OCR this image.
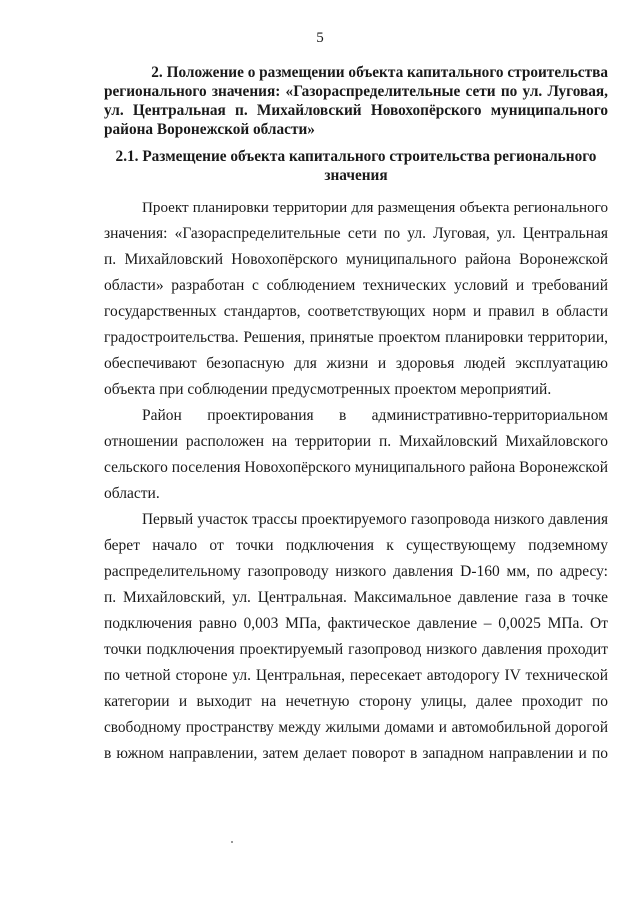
5
2. Положение о размещении объекта капитального строительства
регионального значения: «Газораспределительные сети по ул. Луговая,
ул. Центральная п. Михайловский Новохопёрского муниципального
района Воронежской области»
2.1. Размещение объекта капитального строительства регионального
значения
Проект планировки территории для размещения объекта регионального
значения: «Газораспределительные сети по ул. Луговая, ул. Центральная
п. Михайловский Новохопёрского муниципального района Воронежской
области» разработан с соблюдением технических условий и требований
государственных стандартов, соответствующих норм и правил в области
градостроительства. Решения, принятые проектом планировки территории,
обеспечивают безопасную для жизни и здоровья людей эксплуатацию
объекта при соблюдении предусмотренных проектом мероприятий.
Район проектирования в административно-территориальном
отношении расположен на территории п. Михайловский Михайловского
сельского поселения Новохопёрского муниципального района Воронежской
области.
Первый участок трассы проектируемого газопровода низкого давления
берет начало от точки подключения к существующему подземному
распределительному газопроводу низкого давления D-160 мм, по адресу:
п. Михайловский, ул. Центральная. Максимальное давление газа в точке
подключения равно 0,003 МПа, фактическое давление – 0,0025 МПа. От
точки подключения проектируемый газопровод низкого давления проходит
по четной стороне ул. Центральная, пересекает автодорогу IV технической
категории и выходит на нечетную сторону улицы, далее проходит по
свободному пространству между жилыми домами и автомобильной дорогой
в южном направлении, затем делает поворот в западном направлении и по
